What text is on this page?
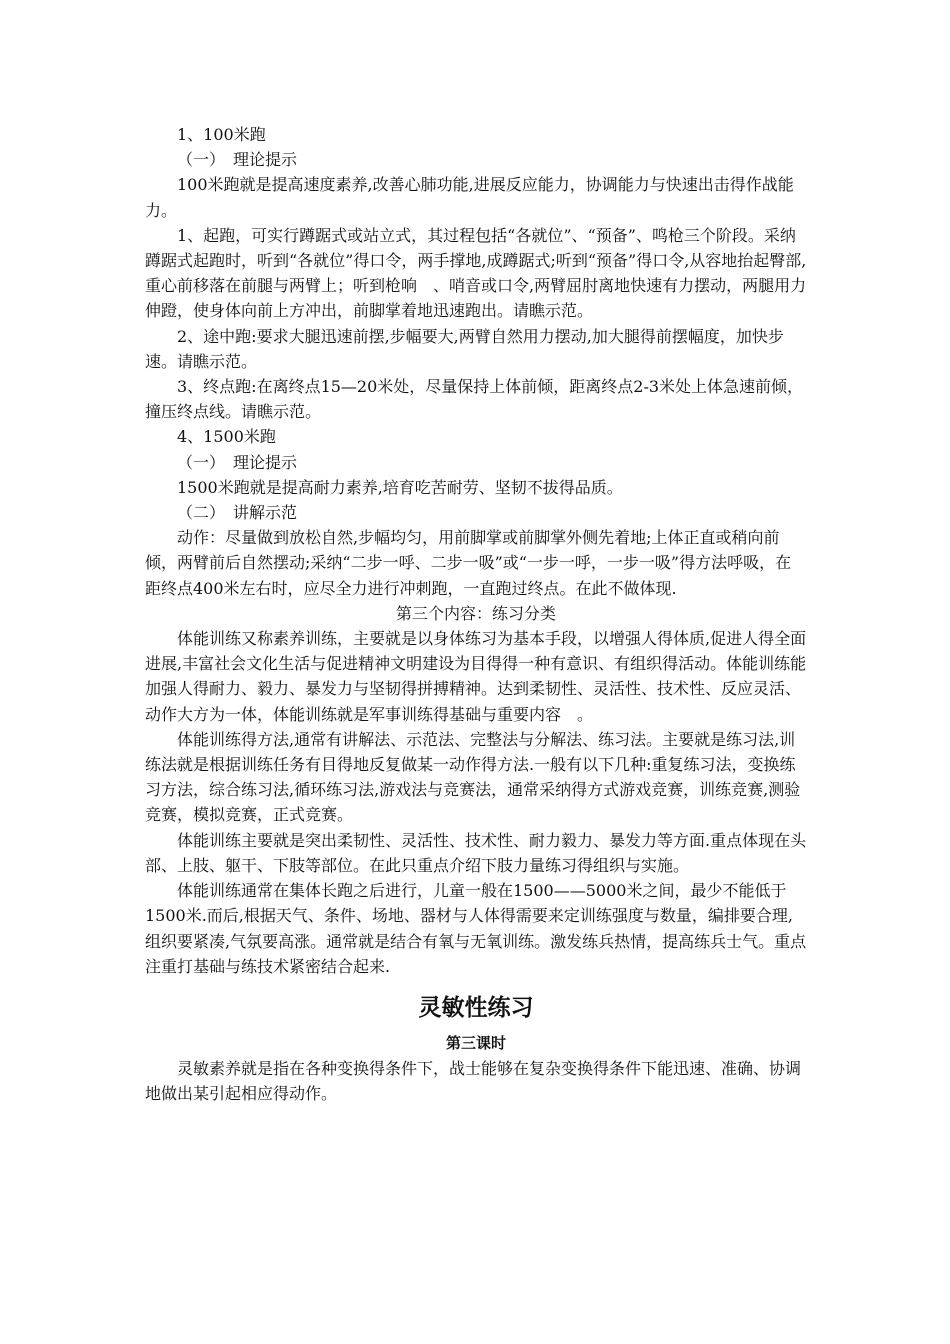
1、100米跑

（一）　理论提示

100米跑就是提高速度素养,改善心肺功能,进展反应能力，协调能力与快速出击得作战能力。

1、起跑，可实行蹲踞式或站立式，其过程包括“各就位”、“预备”、鸣枪三个阶段。采纳蹲踞式起跑时，听到“各就位”得口令，两手撑地,成蹲踞式;听到“预备”得口令,从容地抬起臀部,重心前移落在前腿与两臂上；听到枪响　、哨音或口令,两臂屈肘离地快速有力摆动，两腿用力伸蹬，使身体向前上方冲出，前脚掌着地迅速跑出。请瞧示范。

2、途中跑:要求大腿迅速前摆,步幅要大,两臂自然用力摆动,加大腿得前摆幅度，加快步速。请瞧示范。

3、终点跑:在离终点15—20米处，尽量保持上体前倾，距离终点2-3米处上体急速前倾，撞压终点线。请瞧示范。

4、1500米跑

（一）　理论提示

1500米跑就是提高耐力素养,培育吃苦耐劳、坚韧不拔得品质。

（二）　讲解示范

动作：尽量做到放松自然,步幅均匀，用前脚掌或前脚掌外侧先着地;上体正直或稍向前倾，两臂前后自然摆动;采纳“二步一呼、二步一吸”或“一步一呼，一步一吸”得方法呼吸，在距终点400米左右时，应尽全力进行冲刺跑，一直跑过终点。在此不做体现.

第三个内容：练习分类

体能训练又称素养训练，主要就是以身体练习为基本手段，以增强人得体质,促进人得全面进展,丰富社会文化生活与促进精神文明建设为目得得一种有意识、有组织得活动。体能训练能加强人得耐力、毅力、暴发力与坚韧得拼搏精神。达到柔韧性、灵活性、技术性、反应灵活、动作大方为一体，体能训练就是军事训练得基础与重要内容　。

体能训练得方法,通常有讲解法、示范法、完整法与分解法、练习法。主要就是练习法,训练法就是根据训练任务有目得地反复做某一动作得方法.一般有以下几种:重复练习法，变换练习方法，综合练习法,循环练习法,游戏法与竞赛法，通常采纳得方式游戏竞赛，训练竞赛,测验竞赛，模拟竞赛，正式竞赛。

体能训练主要就是突出柔韧性、灵活性、技术性、耐力毅力、暴发力等方面.重点体现在头部、上肢、躯干、下肢等部位。在此只重点介绍下肢力量练习得组织与实施。

体能训练通常在集体长跑之后进行，儿童一般在1500——5000米之间，最少不能低于1500米.而后,根据天气、条件、场地、器材与人体得需要来定训练强度与数量，编排要合理,组织要紧凑,气氛要高涨。通常就是结合有氧与无氧训练。激发练兵热情，提高练兵士气。重点注重打基础与练技术紧密结合起来.

灵敏性练习
第三课时

灵敏素养就是指在各种变换得条件下，战士能够在复杂变换得条件下能迅速、准确、协调地做出某引起相应得动作。
